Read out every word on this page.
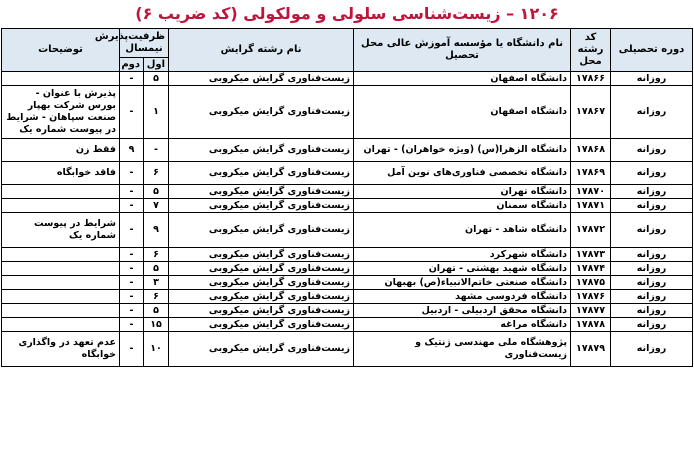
۱۲۰۶ – زیست‌شناسی سلولی و مولکولی (کد ضریب ۶)
دوره تحصیلی	کد رشته محل	نام دانشگاه یا مؤسسه آموزش عالی محل تحصیل	نام رشته گرایش	ظرفیت‌پذیرش نیمسال		توضیحات
				اول	دوم	
روزانه	۱۷۸۶۶	دانشگاه اصفهان	زیست‌فناوری گرایش میکروبی	۵	-	
روزانه	۱۷۸۶۷	دانشگاه اصفهان	زیست‌فناوری گرایش میکروبی	۱	-	پذیرش با عنوان - بورس شرکت بهپار صنعت سپاهان - شرایط در پیوست شماره یک
روزانه	۱۷۸۶۸	دانشگاه الزهرا(س) (ویژه خواهران) - تهران	زیست‌فناوری گرایش میکروبی	-	۹	فقط زن
روزانه	۱۷۸۶۹	دانشگاه تخصصی فناوری‌های نوین آمل	زیست‌فناوری گرایش میکروبی	۶	-	فاقد خوابگاه
روزانه	۱۷۸۷۰	دانشگاه تهران	زیست‌فناوری گرایش میکروبی	۵	-	
روزانه	۱۷۸۷۱	دانشگاه سمنان	زیست‌فناوری گرایش میکروبی	۷	-	
روزانه	۱۷۸۷۲	دانشگاه شاهد - تهران	زیست‌فناوری گرایش میکروبی	۹	-	شرایط در پیوست شماره یک
روزانه	۱۷۸۷۳	دانشگاه شهرکرد	زیست‌فناوری گرایش میکروبی	۶	-	
روزانه	۱۷۸۷۴	دانشگاه شهید بهشتی - تهران	زیست‌فناوری گرایش میکروبی	۵	-	
روزانه	۱۷۸۷۵	دانشگاه صنعتی خاتم‌الانبیاء(ص) بهبهان	زیست‌فناوری گرایش میکروبی	۳	-	
روزانه	۱۷۸۷۶	دانشگاه فردوسی مشهد	زیست‌فناوری گرایش میکروبی	۶	-	
روزانه	۱۷۸۷۷	دانشگاه محقق اردبیلی - اردبیل	زیست‌فناوری گرایش میکروبی	۵	-	
روزانه	۱۷۸۷۸	دانشگاه مراغه	زیست‌فناوری گرایش میکروبی	۱۵	-	
روزانه	۱۷۸۷۹	پژوهشگاه ملی مهندسی ژنتیک و زیست‌فناوری	زیست‌فناوری گرایش میکروبی	۱۰	-	عدم تعهد در واگذاری خوابگاه
